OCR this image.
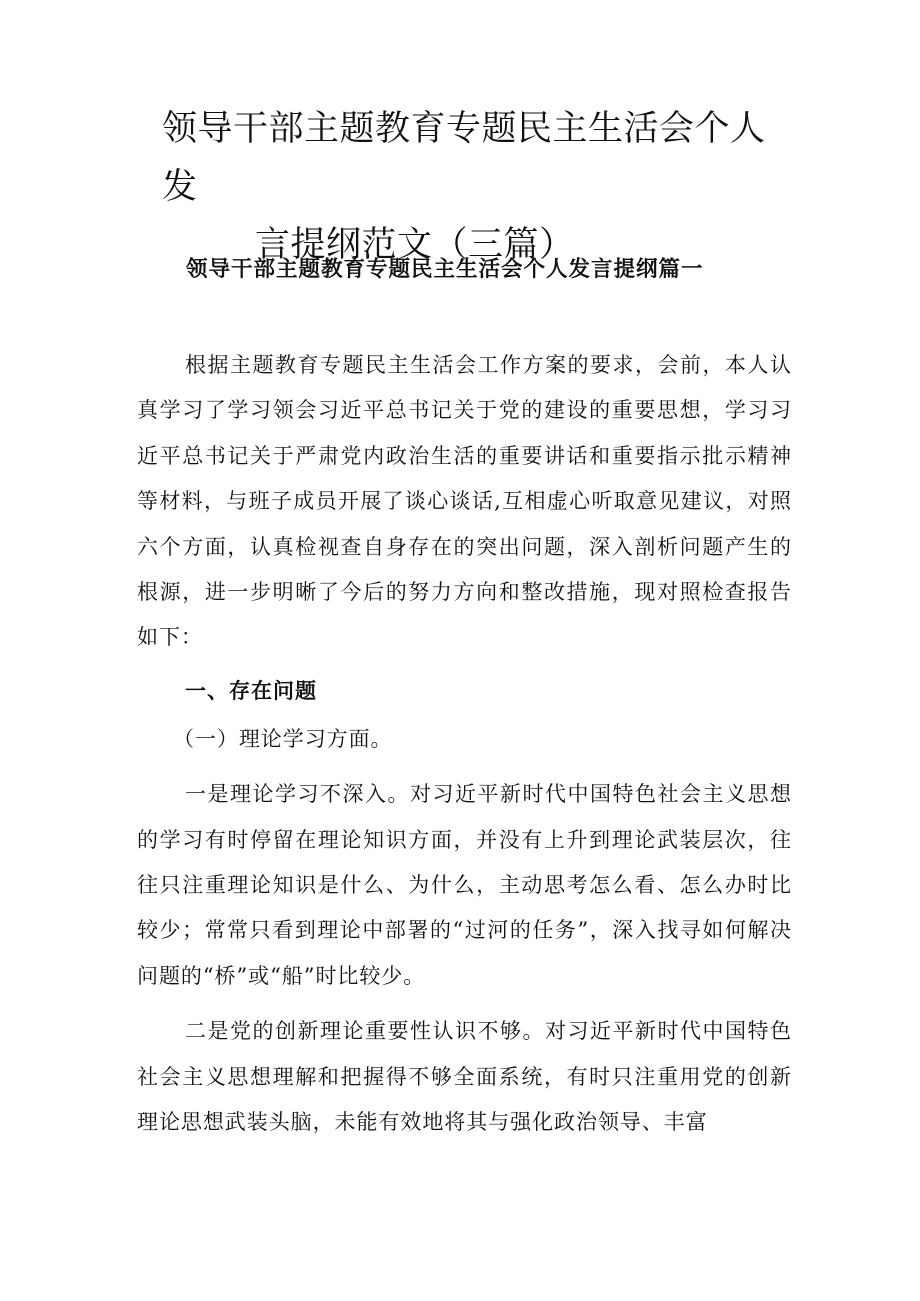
领导干部主题教育专题民主生活会个人发
言提纲范文（三篇）
领导干部主题教育专题民主生活会个人发言提纲篇一

根据主题教育专题民主生活会工作方案的要求，会前，本人认真学习了学习领会习近平总书记关于党的建设的重要思想，学习习近平总书记关于严肃党内政治生活的重要讲话和重要指示批示精神等材料，与班子成员开展了谈心谈话,互相虚心听取意见建议，对照六个方面，认真检视查自身存在的突出问题，深入剖析问题产生的根源，进一步明晰了今后的努力方向和整改措施，现对照检查报告如下：

一、存在问题

（一）理论学习方面。

一是理论学习不深入。对习近平新时代中国特色社会主义思想的学习有时停留在理论知识方面，并没有上升到理论武装层次，往往只注重理论知识是什么、为什么，主动思考怎么看、怎么办时比较少；常常只看到理论中部署的“过河的任务”，深入找寻如何解决问题的“桥”或“船”时比较少。

二是党的创新理论重要性认识不够。对习近平新时代中国特色社会主义思想理解和把握得不够全面系统，有时只注重用党的创新理论思想武装头脑，未能有效地将其与强化政治领导、丰富
